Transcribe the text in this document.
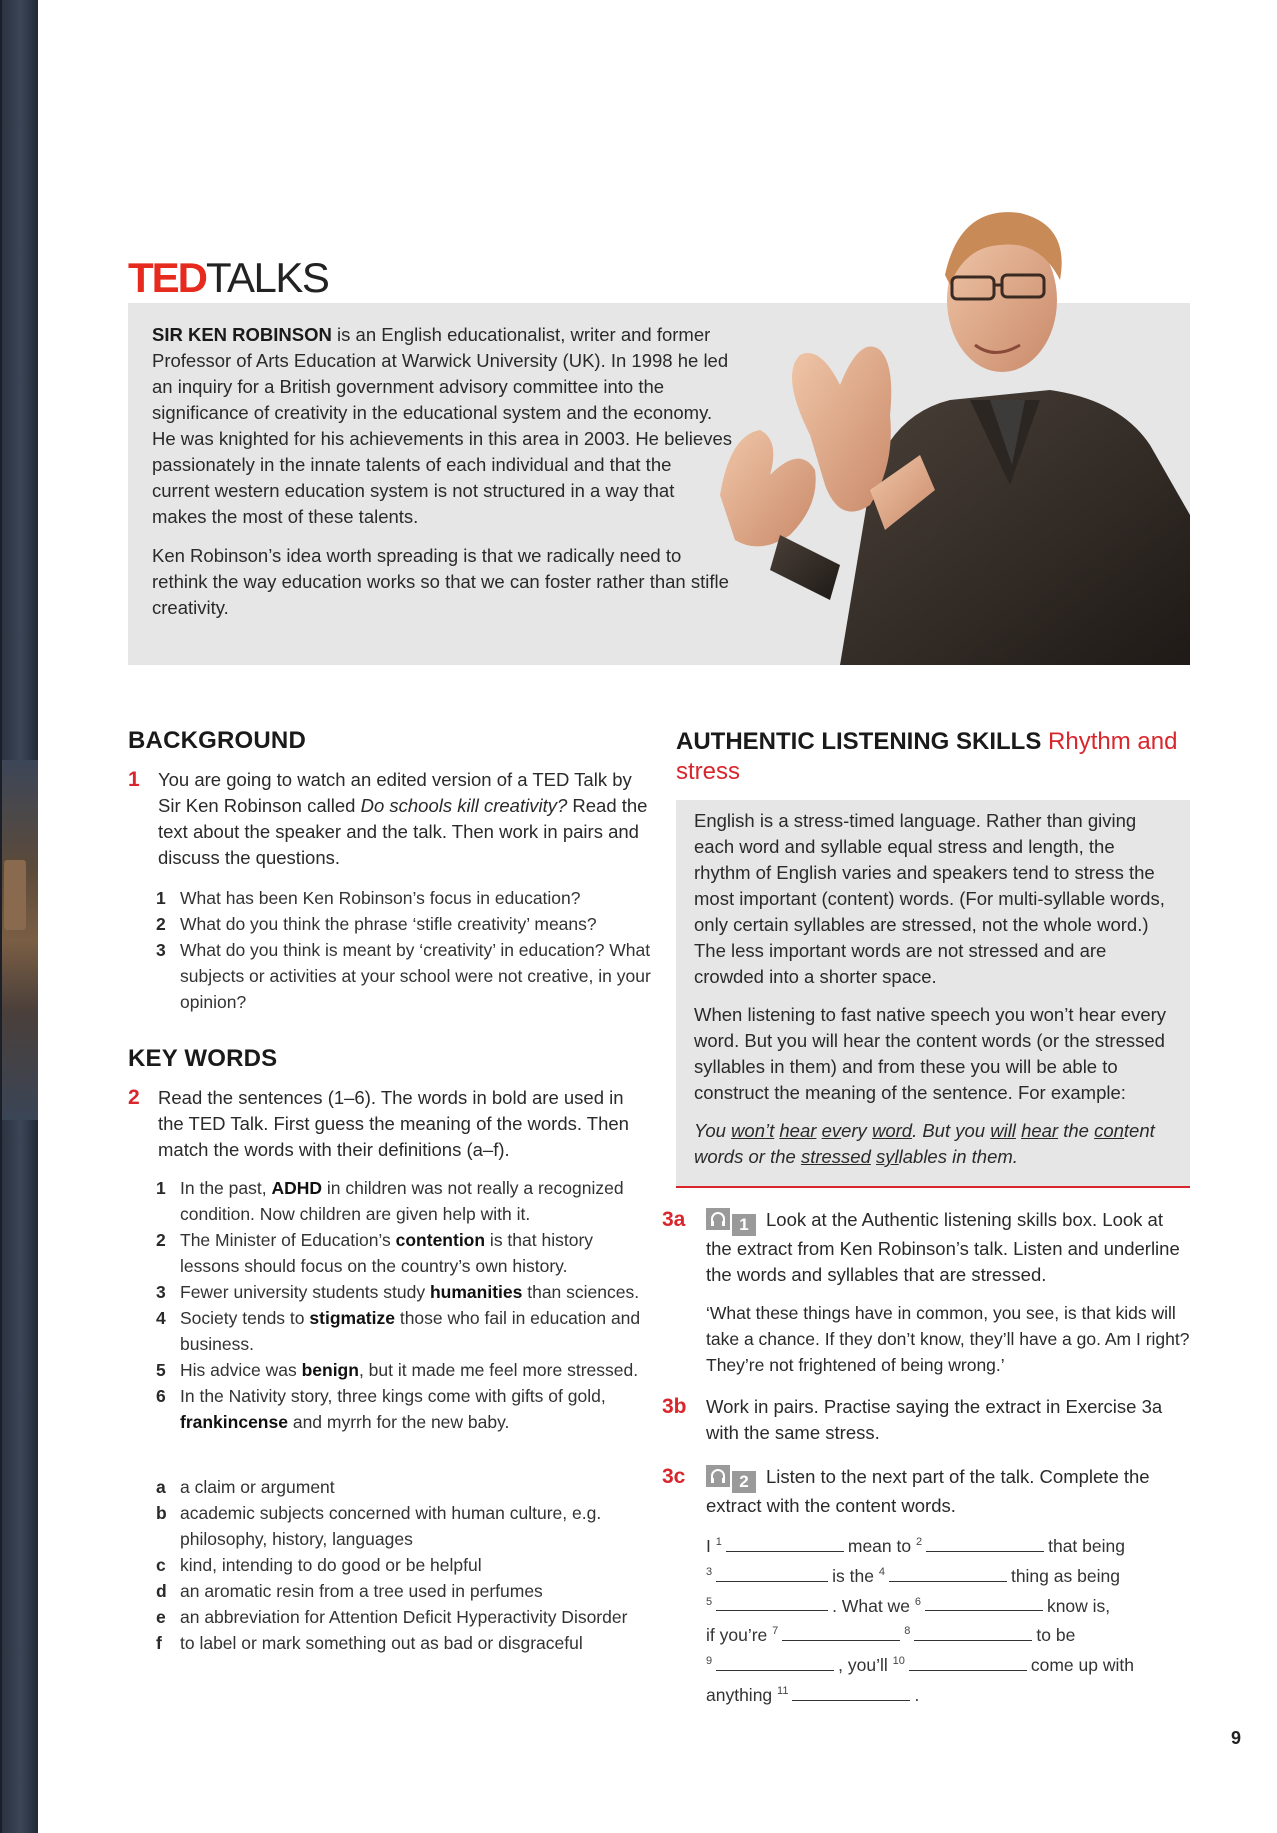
TEDTALKS

SIR KEN ROBINSON is an English educationalist, writer and former Professor of Arts Education at Warwick University (UK). In 1998 he led an inquiry for a British government advisory committee into the significance of creativity in the educational system and the economy. He was knighted for his achievements in this area in 2003. He believes passionately in the innate talents of each individual and that the current western education system is not structured in a way that makes the most of these talents.

Ken Robinson’s idea worth spreading is that we radically need to rethink the way education works so that we can foster rather than stifle creativity.

BACKGROUND
1 You are going to watch an edited version of a TED Talk by Sir Ken Robinson called Do schools kill creativity? Read the text about the speaker and the talk. Then work in pairs and discuss the questions.
1 What has been Ken Robinson’s focus in education?
2 What do you think the phrase ‘stifle creativity’ means?
3 What do you think is meant by ‘creativity’ in education? What subjects or activities at your school were not creative, in your opinion?
KEY WORDS
2 Read the sentences (1–6). The words in bold are used in the TED Talk. First guess the meaning of the words. Then match the words with their definitions (a–f).
1 In the past, ADHD in children was not really a recognized condition. Now children are given help with it.
2 The Minister of Education’s contention is that history lessons should focus on the country’s own history.
3 Fewer university students study humanities than sciences.
4 Society tends to stigmatize those who fail in education and business.
5 His advice was benign, but it made me feel more stressed.
6 In the Nativity story, three kings come with gifts of gold, frankincense and myrrh for the new baby.
a a claim or argument
b academic subjects concerned with human culture, e.g. philosophy, history, languages
c kind, intending to do good or be helpful
d an aromatic resin from a tree used in perfumes
e an abbreviation for Attention Deficit Hyperactivity Disorder
f	to label or mark something out as bad or disgraceful
AUTHENTIC LISTENING SKILLS Rhythm and stress

English is a stress-timed language. Rather than giving each word and syllable equal stress and length, the rhythm of English varies and speakers tend to stress the most important (content) words. (For multi-syllable words, only certain syllables are stressed, not the whole word.) The less important words are not stressed and are crowded into a shorter space.

When listening to fast native speech you won’t hear every word. But you will hear the content words (or the stressed syllables in them) and from these you will be able to construct the meaning of the sentence. For example:

You won’t hear every word. But you will hear the content words or the stressed syllables in them.

3a	1 Look at the Authentic listening skills box. Look at the extract from Ken Robinson’s talk. Listen and underline the words and syllables that are stressed.

‘What these things have in common, you see, is that kids will take a chance. If they don’t know, they’ll have a go. Am I right? They’re not frightened of being wrong.’

3b	Work in pairs. Practise saying the extract in Exercise 3a with the same stress.
3c	2 Listen to the next part of the talk. Complete the extract with the content words.
I $^1$	mean to $^2$	that being
$^3$	is the $^4$	thing as being
$^5$	. What we $^6$	know is,
if you’re $^7$	$^8$	to be
$^9$	, you’ll $^{10}$	come up with
anything $^{11}$	.
9
